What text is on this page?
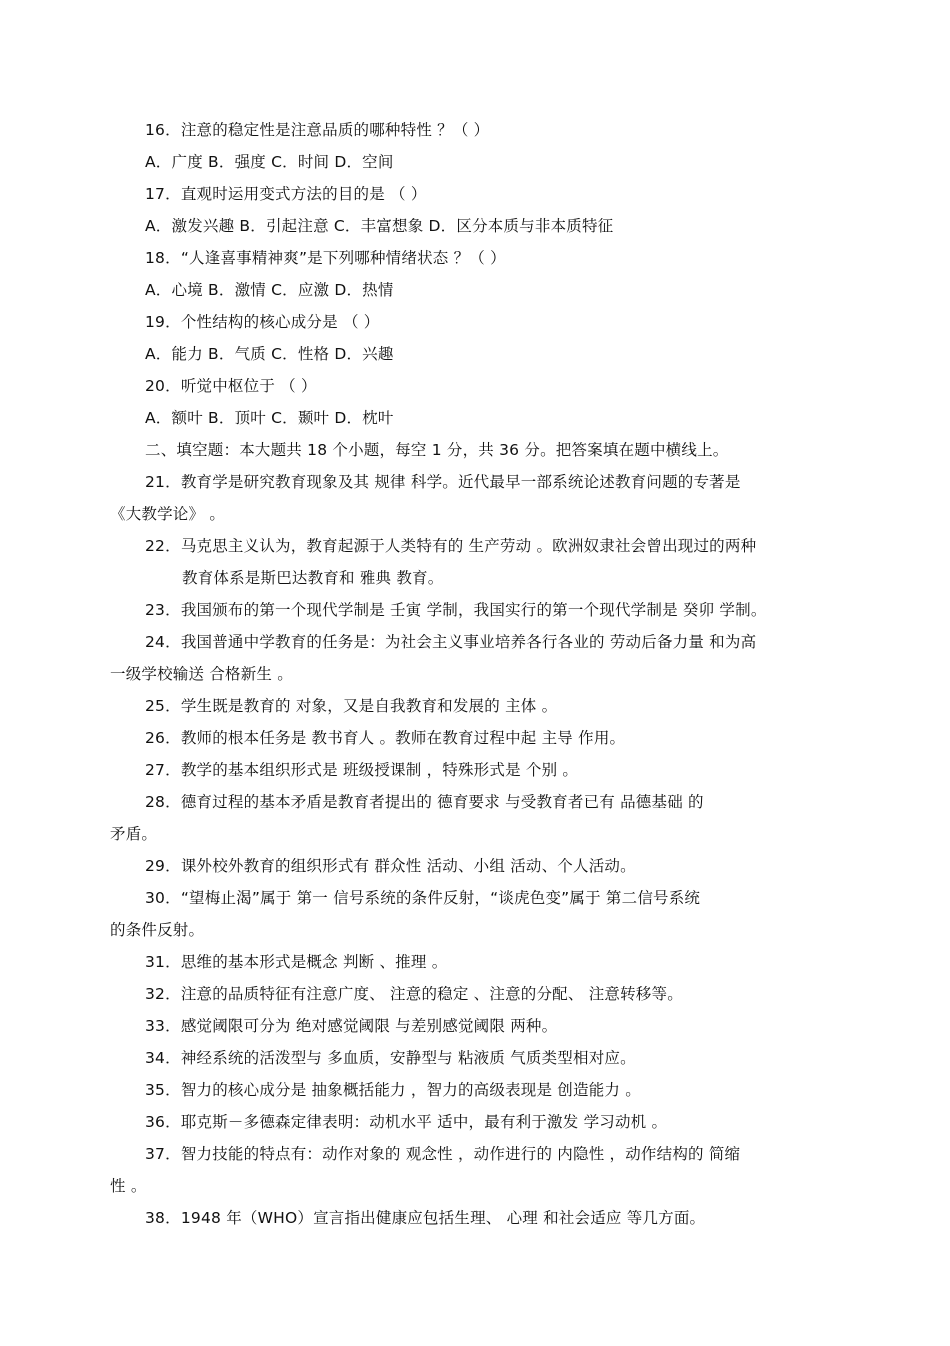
16．注意的稳定性是注意品质的哪种特性 ？（ ）
A．广度 B．强度 C．时间 D．空间
17．直观时运用变式方法的目的是 （ ）
A．激发兴趣 B．引起注意 C．丰富想象 D．区分本质与非本质特征
18．“人逢喜事精神爽”是下列哪种情绪状态 ？（ ）
A．心境 B．激情 C．应激 D．热情
19．个性结构的核心成分是 （ ）
A．能力 B．气质 C．性格 D．兴趣
20．听觉中枢位于 （ ）
A．额叶 B．顶叶 C．颞叶 D．枕叶
二、填空题：本大题共 18 个小题，每空 1 分，共 36 分。把答案填在题中横线上。
21．教育学是研究教育现象及其 规律 科学。近代最早一部系统论述教育问题的专著是
《大教学论》 。
22．马克思主义认为，教育起源于人类特有的 生产劳动 。欧洲奴隶社会曾出现过的两种
教育体系是斯巴达教育和 雅典 教育。
23．我国颁布的第一个现代学制是 壬寅 学制，我国实行的第一个现代学制是 癸卯 学制。
24．我国普通中学教育的任务是：为社会主义事业培养各行各业的 劳动后备力量 和为高
一级学校输送 合格新生 。
25．学生既是教育的 对象，又是自我教育和发展的 主体 。
26．教师的根本任务是 教书育人 。教师在教育过程中起 主导 作用。
27．教学的基本组织形式是 班级授课制 ，特殊形式是 个别 。
28．德育过程的基本矛盾是教育者提出的 德育要求 与受教育者已有 品德基础 的
矛盾。
29．课外校外教育的组织形式有 群众性 活动、小组 活动、个人活动。
30．“望梅止渴”属于 第一 信号系统的条件反射，“谈虎色变”属于 第二信号系统
的条件反射。
31．思维的基本形式是概念 判断 、推理 。
32．注意的品质特征有注意广度、 注意的稳定 、注意的分配、 注意转移等。
33．感觉阈限可分为 绝对感觉阈限 与差别感觉阈限 两种。
34．神经系统的活泼型与 多血质，安静型与 粘液质 气质类型相对应。
35．智力的核心成分是 抽象概括能力 ，智力的高级表现是 创造能力 。
36．耶克斯－多德森定律表明：动机水平 适中，最有利于激发 学习动机 。
37．智力技能的特点有：动作对象的 观念性 ，动作进行的 内隐性 ，动作结构的 简缩
性 。
38．1948 年（WHO）宣言指出健康应包括生理、 心理 和社会适应 等几方面。
